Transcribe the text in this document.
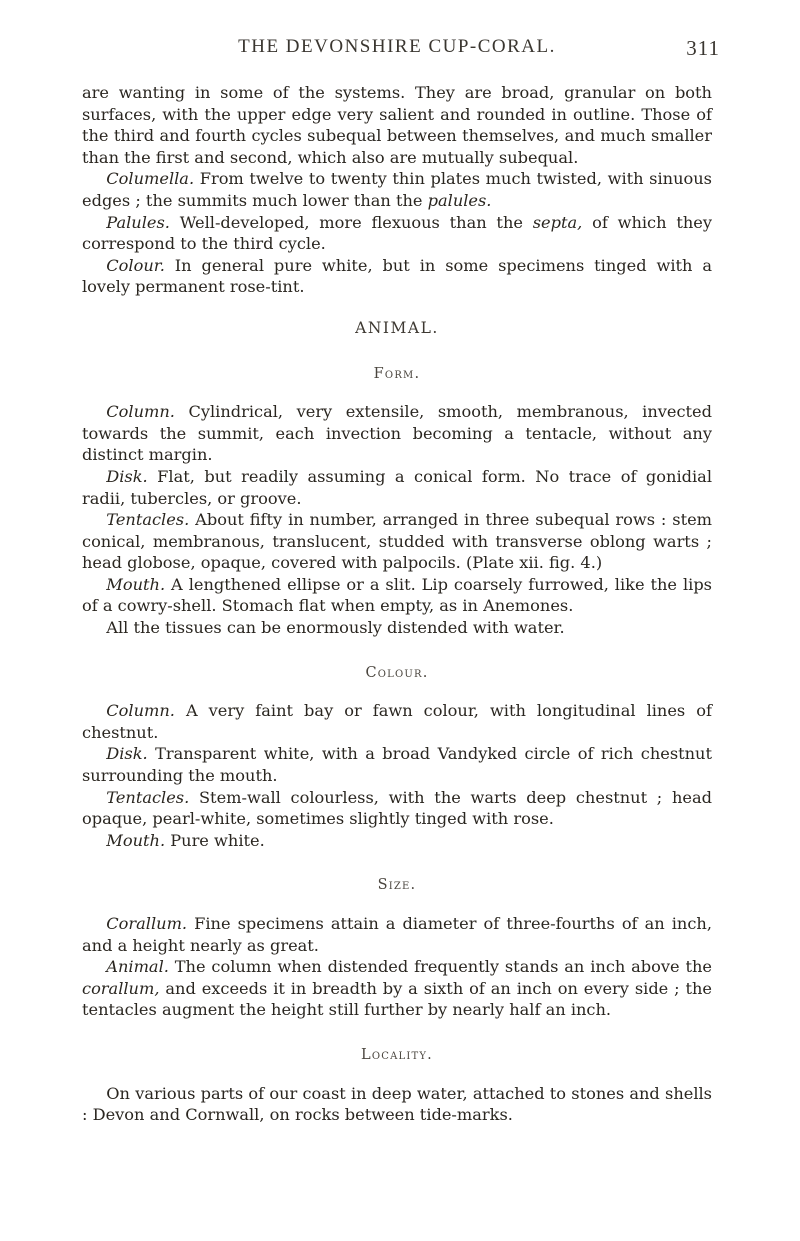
THE DEVONSHIRE CUP-CORAL.	311

are wanting in some of the systems. They are broad, granular on both surfaces, with the upper edge very salient and rounded in outline. Those of the third and fourth cycles subequal between themselves, and much smaller than the first and second, which also are mutually subequal.

  Columella. From twelve to twenty thin plates much twisted, with sinuous edges ; the summits much lower than the palules.

  Palules. Well-developed, more flexuous than the septa, of which they correspond to the third cycle.

  Colour. In general pure white, but in some specimens tinged with a lovely permanent rose-tint.

ANIMAL.
Form.

  Column. Cylindrical, very extensile, smooth, membranous, invected towards the summit, each invection becoming a tentacle, without any distinct margin.

  Disk. Flat, but readily assuming a conical form. No trace of gonidial radii, tubercles, or groove.

  Tentacles. About fifty in number, arranged in three subequal rows : stem conical, membranous, translucent, studded with transverse oblong warts ; head globose, opaque, covered with palpocils. (Plate xii. fig. 4.)

  Mouth. A lengthened ellipse or a slit. Lip coarsely furrowed, like the lips of a cowry-shell. Stomach flat when empty, as in Anemones.

  All the tissues can be enormously distended with water.

Colour.

  Column. A very faint bay or fawn colour, with longitudinal lines of chestnut.

  Disk. Transparent white, with a broad Vandyked circle of rich chestnut surrounding the mouth.

  Tentacles. Stem-wall colourless, with the warts deep chestnut ; head opaque, pearl-white, sometimes slightly tinged with rose.

  Mouth. Pure white.

Size.

  Corallum. Fine specimens attain a diameter of three-fourths of an inch, and a height nearly as great.

  Animal. The column when distended frequently stands an inch above the corallum, and exceeds it in breadth by a sixth of an inch on every side ; the tentacles augment the height still further by nearly half an inch.

Locality.

  On various parts of our coast in deep water, attached to stones and shells : Devon and Cornwall, on rocks between tide-marks.
